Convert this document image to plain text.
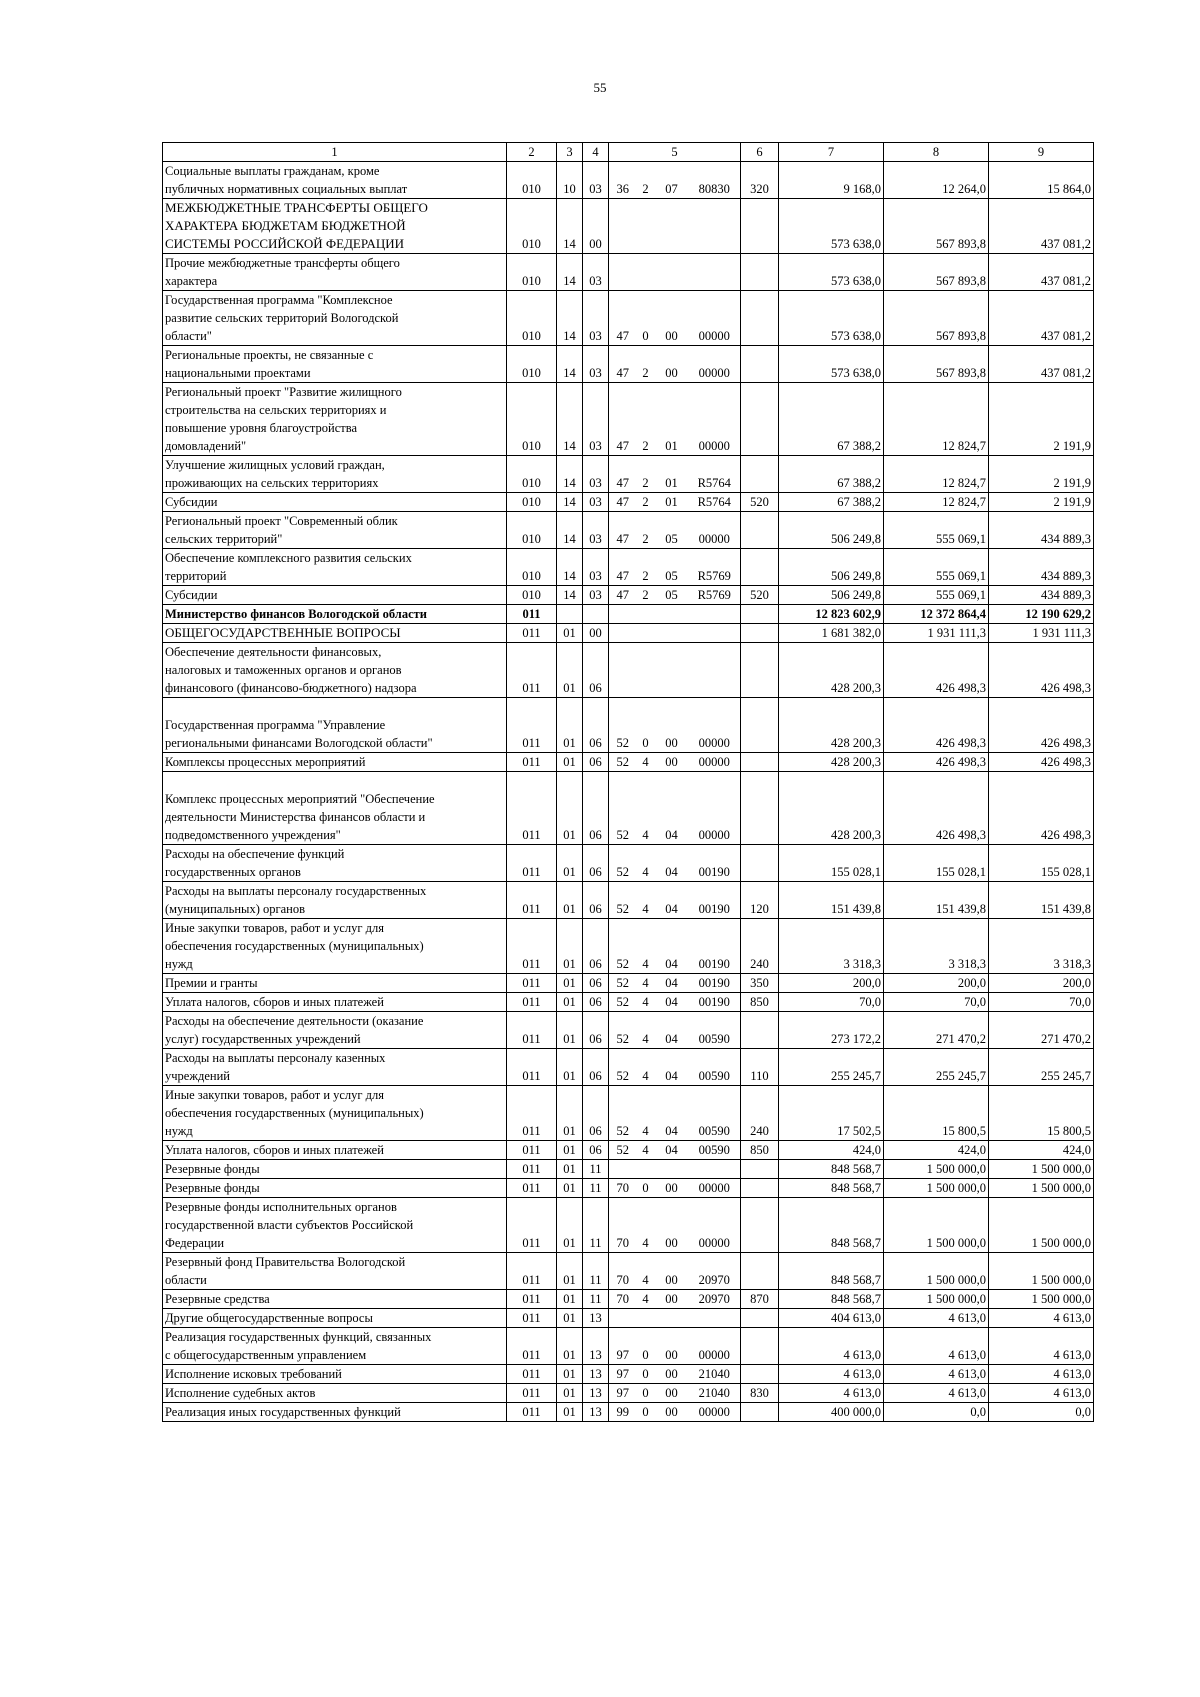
55
1	2	3	4	5				6	7	8	9
Социальные выплаты гражданам, кроме
публичных нормативных социальных выплат	010	10	03	36	2	07	80830	320	9 168,0	12 264,0	15 864,0
МЕЖБЮДЖЕТНЫЕ ТРАНСФЕРТЫ ОБЩЕГО
ХАРАКТЕРА БЮДЖЕТАМ БЮДЖЕТНОЙ
СИСТЕМЫ РОССИЙСКОЙ ФЕДЕРАЦИИ	010	14	00						573 638,0	567 893,8	437 081,2
Прочие межбюджетные трансферты общего
характера	010	14	03						573 638,0	567 893,8	437 081,2
Государственная программа "Комплексное
развитие сельских территорий Вологодской
области"	010	14	03	47	0	00	00000		573 638,0	567 893,8	437 081,2
Региональные проекты, не связанные с
национальными проектами	010	14	03	47	2	00	00000		573 638,0	567 893,8	437 081,2
Региональный проект "Развитие жилищного
строительства на сельских территориях и
повышение уровня благоустройства
домовладений"	010	14	03	47	2	01	00000		67 388,2	12 824,7	2 191,9
Улучшение жилищных условий граждан,
проживающих на сельских территориях	010	14	03	47	2	01	R5764		67 388,2	12 824,7	2 191,9
Субсидии	010	14	03	47	2	01	R5764	520	67 388,2	12 824,7	2 191,9
Региональный проект "Современный облик
сельских территорий"	010	14	03	47	2	05	00000		506 249,8	555 069,1	434 889,3
Обеспечение комплексного развития сельских
территорий	010	14	03	47	2	05	R5769		506 249,8	555 069,1	434 889,3
Субсидии	010	14	03	47	2	05	R5769	520	506 249,8	555 069,1	434 889,3
Министерство финансов Вологодской области	011								12 823 602,9	12 372 864,4	12 190 629,2
ОБЩЕГОСУДАРСТВЕННЫЕ ВОПРОСЫ	011	01	00						1 681 382,0	1 931 111,3	1 931 111,3
Обеспечение деятельности финансовых,
налоговых и таможенных органов и органов
финансового (финансово-бюджетного) надзора	011	01	06						428 200,3	426 498,3	426 498,3

Государственная программа "Управление
региональными финансами Вологодской области"	011	01	06	52	0	00	00000		428 200,3	426 498,3	426 498,3
Комплексы процессных мероприятий	011	01	06	52	4	00	00000		428 200,3	426 498,3	426 498,3

Комплекс процессных мероприятий "Обеспечение
деятельности Министерства финансов области и
подведомственного учреждения"	011	01	06	52	4	04	00000		428 200,3	426 498,3	426 498,3
Расходы на обеспечение функций
государственных органов	011	01	06	52	4	04	00190		155 028,1	155 028,1	155 028,1
Расходы на выплаты персоналу государственных
(муниципальных) органов	011	01	06	52	4	04	00190	120	151 439,8	151 439,8	151 439,8
Иные закупки товаров, работ и услуг для
обеспечения государственных (муниципальных)
нужд	011	01	06	52	4	04	00190	240	3 318,3	3 318,3	3 318,3
Премии и гранты	011	01	06	52	4	04	00190	350	200,0	200,0	200,0
Уплата налогов, сборов и иных платежей	011	01	06	52	4	04	00190	850	70,0	70,0	70,0
Расходы на обеспечение деятельности (оказание
услуг) государственных учреждений	011	01	06	52	4	04	00590		273 172,2	271 470,2	271 470,2
Расходы на выплаты персоналу казенных
учреждений	011	01	06	52	4	04	00590	110	255 245,7	255 245,7	255 245,7
Иные закупки товаров, работ и услуг для
обеспечения государственных (муниципальных)
нужд	011	01	06	52	4	04	00590	240	17 502,5	15 800,5	15 800,5
Уплата налогов, сборов и иных платежей	011	01	06	52	4	04	00590	850	424,0	424,0	424,0
Резервные фонды	011	01	11						848 568,7	1 500 000,0	1 500 000,0
Резервные фонды	011	01	11	70	0	00	00000		848 568,7	1 500 000,0	1 500 000,0
Резервные фонды исполнительных органов
государственной власти субъектов Российской
Федерации	011	01	11	70	4	00	00000		848 568,7	1 500 000,0	1 500 000,0
Резервный фонд Правительства Вологодской
области	011	01	11	70	4	00	20970		848 568,7	1 500 000,0	1 500 000,0
Резервные средства	011	01	11	70	4	00	20970	870	848 568,7	1 500 000,0	1 500 000,0
Другие общегосударственные вопросы	011	01	13						404 613,0	4 613,0	4 613,0
Реализация государственных функций, связанных
с общегосударственным управлением	011	01	13	97	0	00	00000		4 613,0	4 613,0	4 613,0
Исполнение исковых требований	011	01	13	97	0	00	21040		4 613,0	4 613,0	4 613,0
Исполнение судебных актов	011	01	13	97	0	00	21040	830	4 613,0	4 613,0	4 613,0
Реализация иных государственных функций	011	01	13	99	0	00	00000		400 000,0	0,0	0,0
